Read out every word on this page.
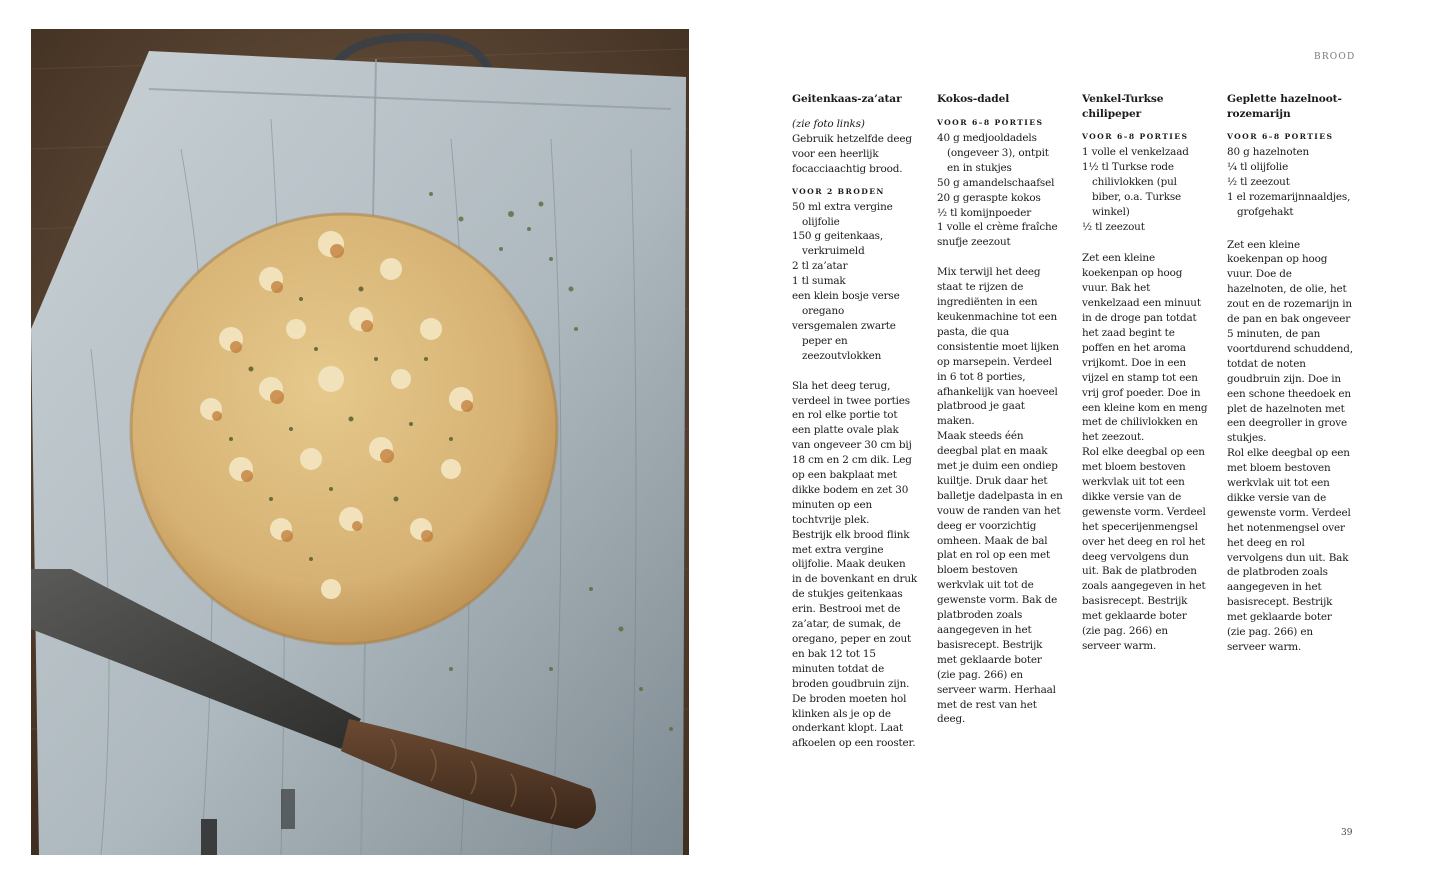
BROOD
Geitenkaas-za’atar
(zie foto links)

Gebruik hetzelfde deeg voor een heerlijk focacciaachtig brood.

VOOR 2 BRODEN
50 ml extra vergine olijfolie
150 g geitenkaas, verkruimeld
2 tl za’atar
1 tl sumak
een klein bosje verse oregano
versgemalen zwarte peper en zeezoutvlokken

Sla het deeg terug, verdeel in twee porties en rol elke portie tot een platte ovale plak van ongeveer 30 cm bij 18 cm en 2 cm dik. Leg op een bakplaat met dikke bodem en zet 30 minuten op een tochtvrije plek.

Bestrijk elk brood flink met extra vergine olijfolie. Maak deuken in de bovenkant en druk de stukjes geitenkaas erin. Bestrooi met de za’atar, de sumak, de oregano, peper en zout en bak 12 tot 15 minuten totdat de broden goudbruin zijn. De broden moeten hol klinken als je op de onderkant klopt. Laat afkoelen op een rooster.

Kokos-dadel
VOOR 6–8 PORTIES
40 g medjooldadels (ongeveer 3), ontpit en in stukjes
50 g amandelschaafsel
20 g geraspte kokos
½ tl komijnpoeder
1 volle el crème fraîche
snufje zeezout

Mix terwijl het deeg staat te rijzen de ingrediënten in een keukenmachine tot een pasta, die qua consistentie moet lijken op marsepein. Verdeel in 6 tot 8 porties, afhankelijk van hoeveel platbrood je gaat maken.

Maak steeds één deegbal plat en maak met je duim een ondiep kuiltje. Druk daar het balletje dadelpasta in en vouw de randen van het deeg er voorzichtig omheen. Maak de bal plat en rol op een met bloem bestoven werkvlak uit tot de gewenste vorm. Bak de platbroden zoals aangegeven in het basisrecept. Bestrijk met geklaarde boter (zie pag. 266) en serveer warm. Herhaal met de rest van het deeg.

Venkel-Turkse chilipeper
VOOR 6–8 PORTIES
1 volle el venkelzaad
1½ tl Turkse rode chilivlokken (pul biber, o.a. Turkse winkel)
½ tl zeezout

Zet een kleine koekenpan op hoog vuur. Bak het venkelzaad een minuut in de droge pan totdat het zaad begint te poffen en het aroma vrijkomt. Doe in een vijzel en stamp tot een vrij grof poeder. Doe in een kleine kom en meng met de chilivlokken en het zeezout.

Rol elke deegbal op een met bloem bestoven werkvlak uit tot een dikke versie van de gewenste vorm. Verdeel het specerijenmengsel over het deeg en rol het deeg vervolgens dun uit. Bak de platbroden zoals aangegeven in het basisrecept. Bestrijk met geklaarde boter (zie pag. 266) en serveer warm.

Geplette hazelnoot-rozemarijn
VOOR 6–8 PORTIES
80 g hazelnoten
¼ tl olijfolie
½ tl zeezout
1 el rozemarijnnaaldjes, grofgehakt

Zet een kleine koekenpan op hoog vuur. Doe de hazelnoten, de olie, het zout en de rozemarijn in de pan en bak ongeveer 5 minuten, de pan voortdurend schuddend, totdat de noten goudbruin zijn. Doe in een schone theedoek en plet de hazelnoten met een deegroller in grove stukjes.

Rol elke deegbal op een met bloem bestoven werkvlak uit tot een dikke versie van de gewenste vorm. Verdeel het notenmengsel over het deeg en rol vervolgens dun uit. Bak de platbroden zoals aangegeven in het basisrecept. Bestrijk met geklaarde boter (zie pag. 266) en serveer warm.

39
